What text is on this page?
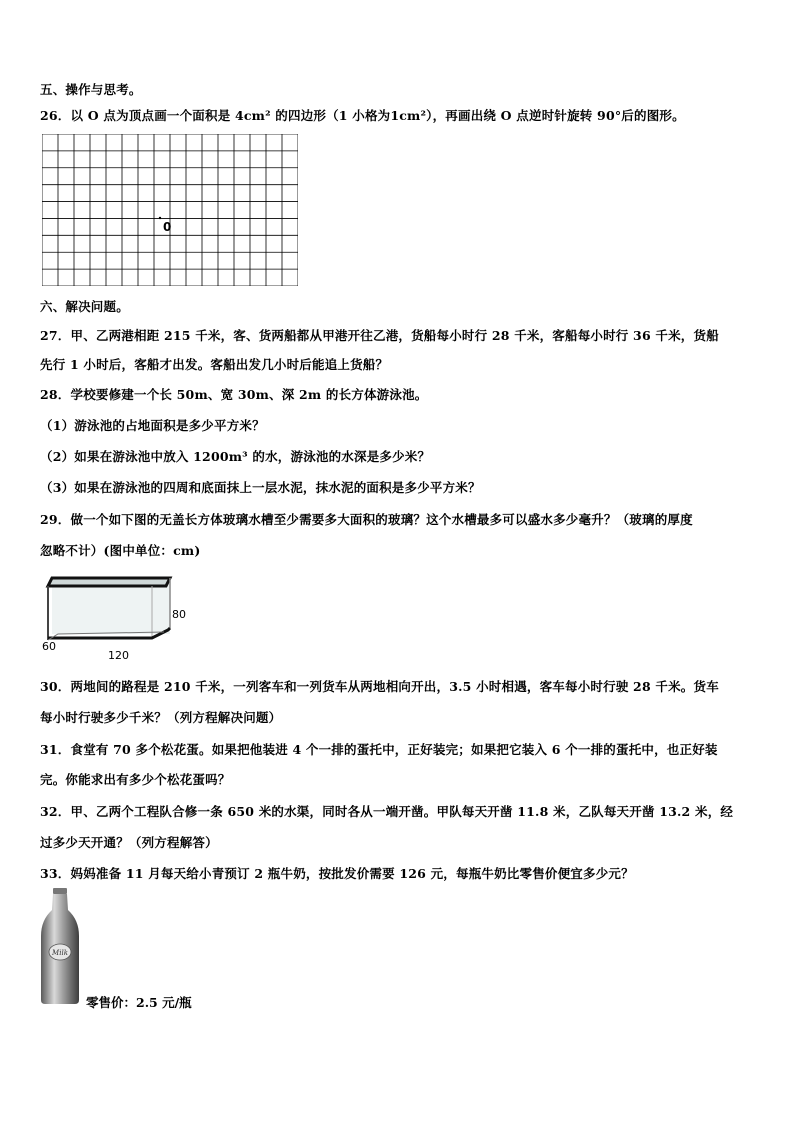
五、操作与思考。
26．以 O 点为顶点画一个面积是 4cm² 的四边形（1 小格为1cm²），再画出绕 O 点逆时针旋转 90°后的图形。
0
六、解决问题。
27．甲、乙两港相距 215 千米，客、货两船都从甲港开往乙港，货船每小时行 28 千米，客船每小时行 36 千米，货船
先行 1 小时后，客船才出发。客船出发几小时后能追上货船？
28．学校要修建一个长 50m、宽 30m、深 2m 的长方体游泳池。
（1）游泳池的占地面积是多少平方米？
（2）如果在游泳池中放入 1200m³ 的水，游泳池的水深是多少米？
（3）如果在游泳池的四周和底面抹上一层水泥，抹水泥的面积是多少平方米？
29．做一个如下图的无盖长方体玻璃水槽至少需要多大面积的玻璃？这个水槽最多可以盛水多少毫升？（玻璃的厚度
忽略不计）(图中单位：cm)
80
60
120
30．两地间的路程是 210 千米，一列客车和一列货车从两地相向开出，3.5 小时相遇，客车每小时行驶 28 千米。货车
每小时行驶多少千米？（列方程解决问题）
31．食堂有 70 多个松花蛋。如果把他装进 4 个一排的蛋托中，正好装完；如果把它装入 6 个一排的蛋托中，也正好装
完。你能求出有多少个松花蛋吗？
32．甲、乙两个工程队合修一条 650 米的水渠，同时各从一端开凿。甲队每天开凿 11.8 米，乙队每天开凿 13.2 米，经
过多少天开通？（列方程解答）
33．妈妈准备 11 月每天给小青预订 2 瓶牛奶，按批发价需要 126 元，每瓶牛奶比零售价便宜多少元？
Milk
零售价：2.5 元/瓶
